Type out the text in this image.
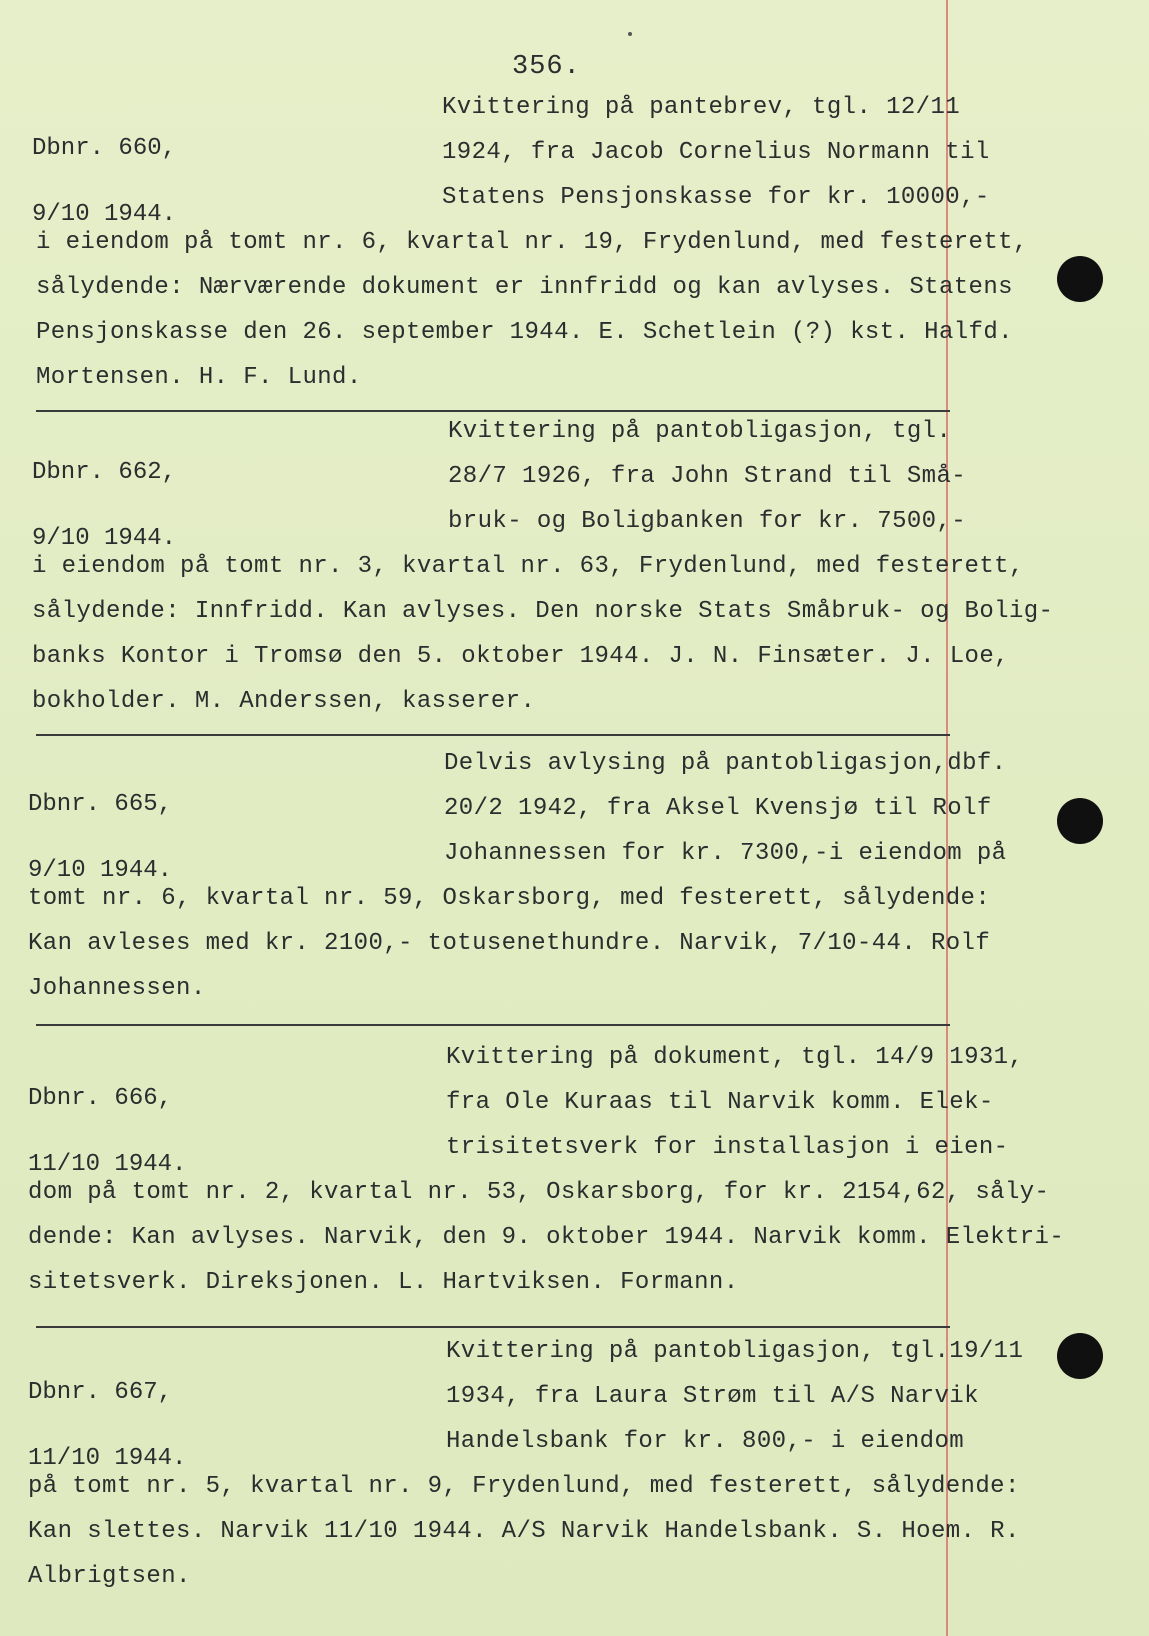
356.

Dbnr. 660,

9/10 1944.

Kvittering på pantebrev, tgl. 12/11
1924, fra Jacob Cornelius Normann til
Statens Pensjonskasse for kr. 10000,-
i eiendom på tomt nr. 6, kvartal nr. 19, Frydenlund, med festerett,
sålydende: Nærværende dokument er innfridd og kan avlyses. Statens
Pensjonskasse den 26. september 1944. E. Schetlein (?) kst. Halfd.
Mortensen. H. F. Lund.

Dbnr. 662,

9/10 1944.

Kvittering på pantobligasjon, tgl.
28/7 1926, fra John Strand til Små-
bruk- og Boligbanken for kr. 7500,-
i eiendom på tomt nr. 3, kvartal nr. 63, Frydenlund, med festerett,
sålydende: Innfridd. Kan avlyses. Den norske Stats Småbruk- og Bolig-
banks Kontor i Tromsø den 5. oktober 1944. J. N. Finsæter. J. Loe,
bokholder. M. Anderssen, kasserer.

Dbnr. 665,

9/10 1944.

Delvis avlysing på pantobligasjon,dbf.
20/2 1942, fra Aksel Kvensjø til Rolf
Johannessen for kr. 7300,-i eiendom på
tomt nr. 6, kvartal nr. 59, Oskarsborg, med festerett, sålydende:
Kan avleses med kr. 2100,- totusenethundre. Narvik, 7/10-44. Rolf
Johannessen.

Dbnr. 666,

11/10 1944.

Kvittering på dokument, tgl. 14/9 1931,
fra Ole Kuraas til Narvik komm. Elek-
trisitetsverk for installasjon i eien-
dom på tomt nr. 2, kvartal nr. 53, Oskarsborg, for kr. 2154,62, såly-
dende: Kan avlyses. Narvik, den 9. oktober 1944. Narvik komm. Elektri-
sitetsverk. Direksjonen. L. Hartviksen. Formann.

Dbnr. 667,

11/10 1944.

Kvittering på pantobligasjon, tgl.19/11
1934, fra Laura Strøm til A/S Narvik
Handelsbank for kr. 800,- i eiendom
på tomt nr. 5, kvartal nr. 9, Frydenlund, med festerett, sålydende:
Kan slettes. Narvik 11/10 1944. A/S Narvik Handelsbank. S. Hoem. R.
Albrigtsen.
